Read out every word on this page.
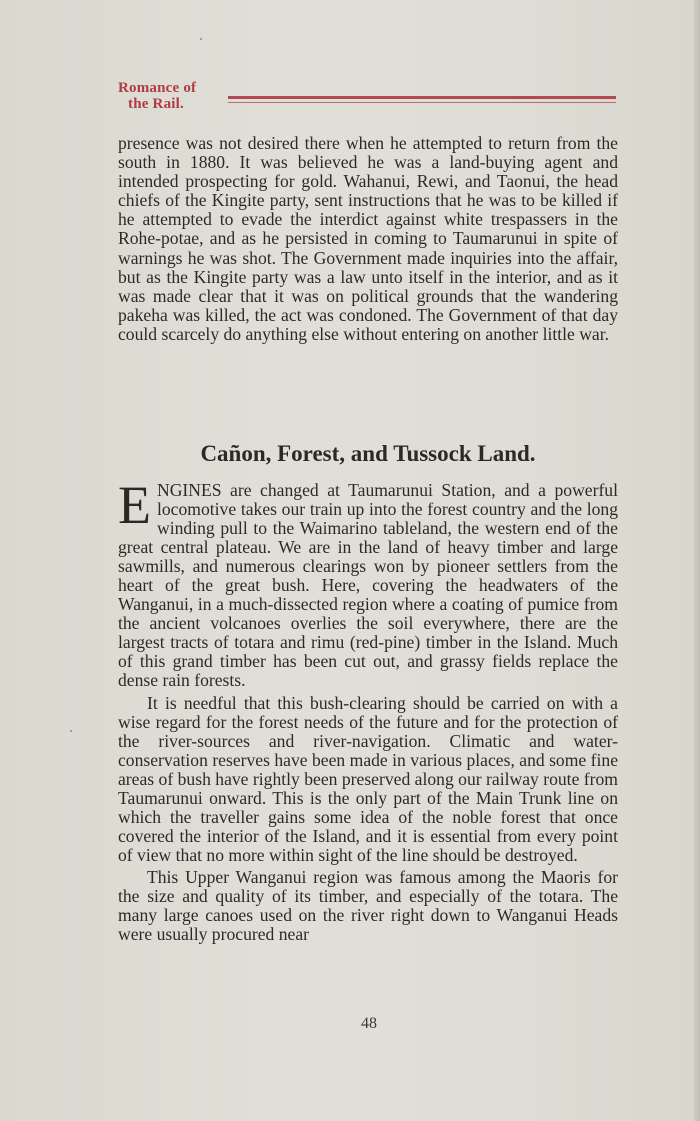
Romance of
the Rail.

presence was not desired there when he attempted to return from the south in 1880. It was believed he was a land-buying agent and intended prospecting for gold. Wahanui, Rewi, and Taonui, the head chiefs of the Kingite party, sent instructions that he was to be killed if he attempted to evade the interdict against white trespassers in the Rohe-potae, and as he persisted in coming to Taumarunui in spite of warnings he was shot. The Government made inquiries into the affair, but as the Kingite party was a law unto itself in the interior, and as it was made clear that it was on political grounds that the wandering pakeha was killed, the act was condoned. The Government of that day could scarcely do anything else without entering on another little war.

Cañon, Forest, and Tussock Land.

ENGINES are changed at Taumarunui Station, and a powerful locomotive takes our train up into the forest country and the long winding pull to the Waimarino tableland, the western end of the great central plateau. We are in the land of heavy timber and large sawmills, and numerous clearings won by pioneer settlers from the heart of the great bush. Here, covering the headwaters of the Wanganui, in a much-dissected region where a coating of pumice from the ancient volcanoes overlies the soil everywhere, there are the largest tracts of totara and rimu (red-pine) timber in the Island. Much of this grand timber has been cut out, and grassy fields replace the dense rain forests.

It is needful that this bush-clearing should be carried on with a wise regard for the forest needs of the future and for the protection of the river-sources and river-navigation. Climatic and water-conservation reserves have been made in various places, and some fine areas of bush have rightly been preserved along our railway route from Taumarunui onward. This is the only part of the Main Trunk line on which the traveller gains some idea of the noble forest that once covered the interior of the Island, and it is essential from every point of view that no more within sight of the line should be destroyed.

This Upper Wanganui region was famous among the Maoris for the size and quality of its timber, and especially of the totara. The many large canoes used on the river right down to Wanganui Heads were usually procured near

48
